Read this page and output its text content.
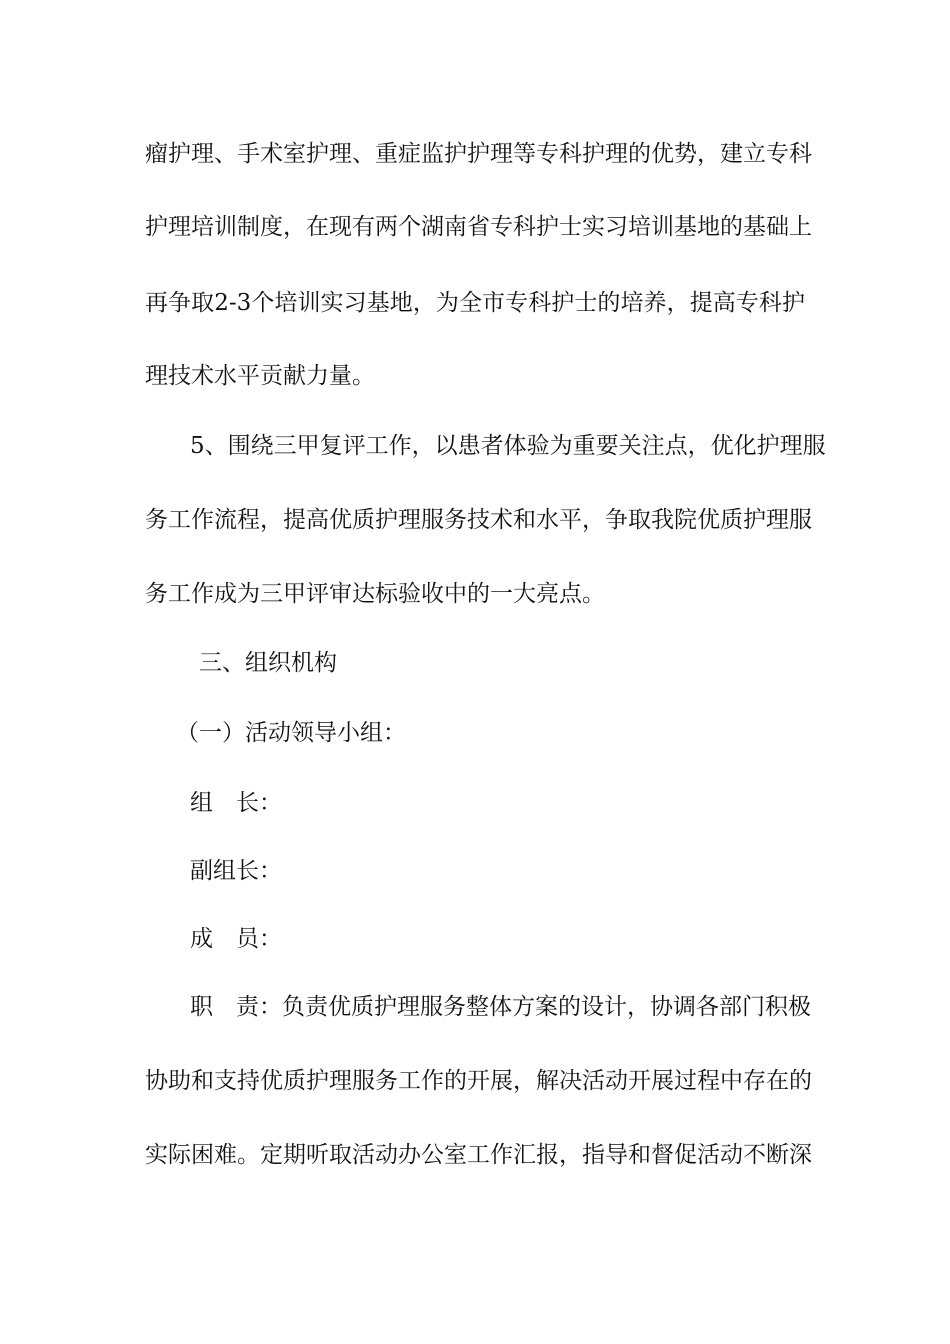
瘤护理、手术室护理、重症监护护理等专科护理的优势，建立专科
护理培训制度，在现有两个湖南省专科护士实习培训基地的基础上
再争取2-3个培训实习基地，为全市专科护士的培养，提高专科护
理技术水平贡献力量。
5、围绕三甲复评工作，以患者体验为重要关注点，优化护理服
务工作流程，提高优质护理服务技术和水平，争取我院优质护理服
务工作成为三甲评审达标验收中的一大亮点。
三、组织机构
（一）活动领导小组：
组　长：
副组长：
成　员：
职　责：负责优质护理服务整体方案的设计，协调各部门积极
协助和支持优质护理服务工作的开展，解决活动开展过程中存在的
实际困难。定期听取活动办公室工作汇报，指导和督促活动不断深
